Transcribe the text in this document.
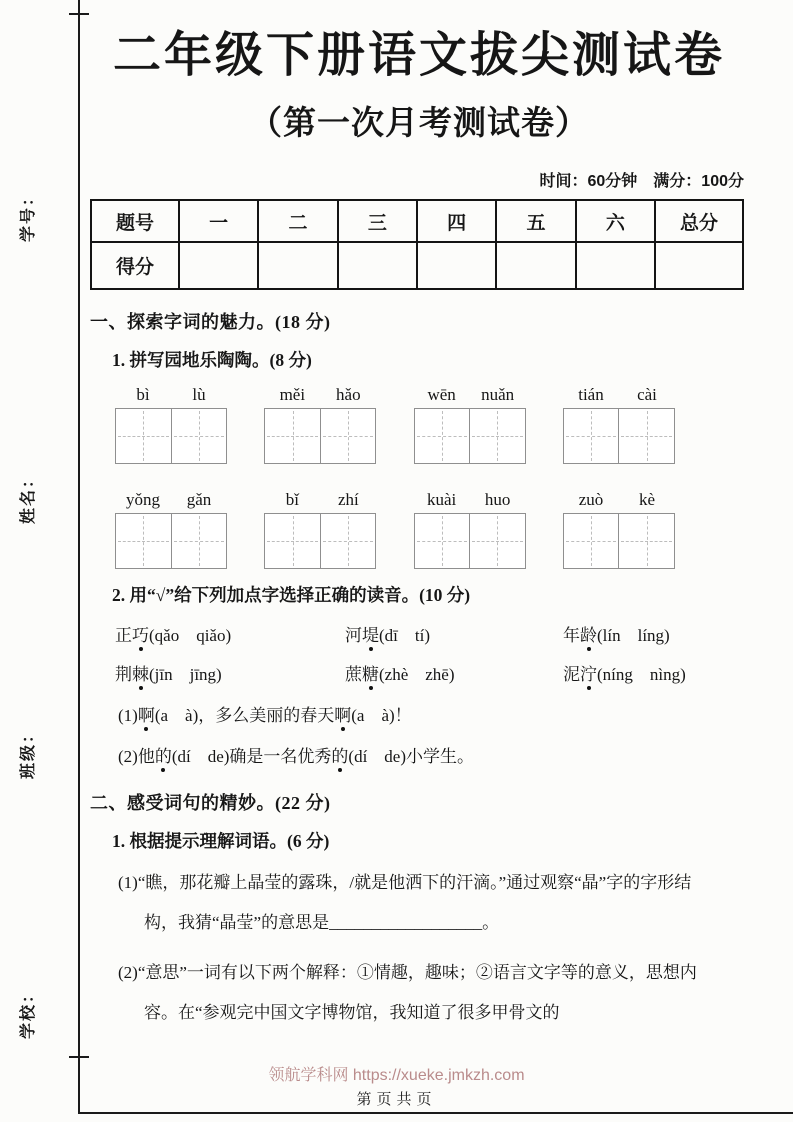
学号：
姓名：
班级：
学校：
二年级下册语文拔尖测试卷
（第一次月考测试卷）
时间：60分钟　满分：100分
题号	一	二	三	四	五	六	总分
得分							
一、探索字词的魅力。(18 分)
1. 拼写园地乐陶陶。(8 分)
bì	lù	měi	hǎo	wēn	nuǎn	tián	cài
yǒng	gǎn	bǐ	zhí	kuài	huo	zuò	kè
2. 用“√”给下列加点字选择正确的读音。(10 分)
正巧(qǎo　qiǎo)	河堤(dī　tí)	年龄(lín　líng)
荆棘(jīn　jīng)	蔗糖(zhè　zhē)	泥泞(níng　nìng)
(1)啊(a　à)，多么美丽的春天啊(a　à)！
(2)他的(dí　de)确是一名优秀的(dí　de)小学生。
二、感受词句的精妙。(22 分)
1. 根据提示理解词语。(6 分)
(1)“瞧，那花瓣上晶莹的露珠，/就是他洒下的汗滴。”通过观察“晶”字的字形结构，我猜“晶莹”的意思是__________________。
(2)“意思”一词有以下两个解释：①情趣，趣味；②语言文字等的意义，思想内容。在“参观完中国文字博物馆，我知道了很多甲骨文的
领航学科网 https://xueke.jmkzh.com
第页共页
